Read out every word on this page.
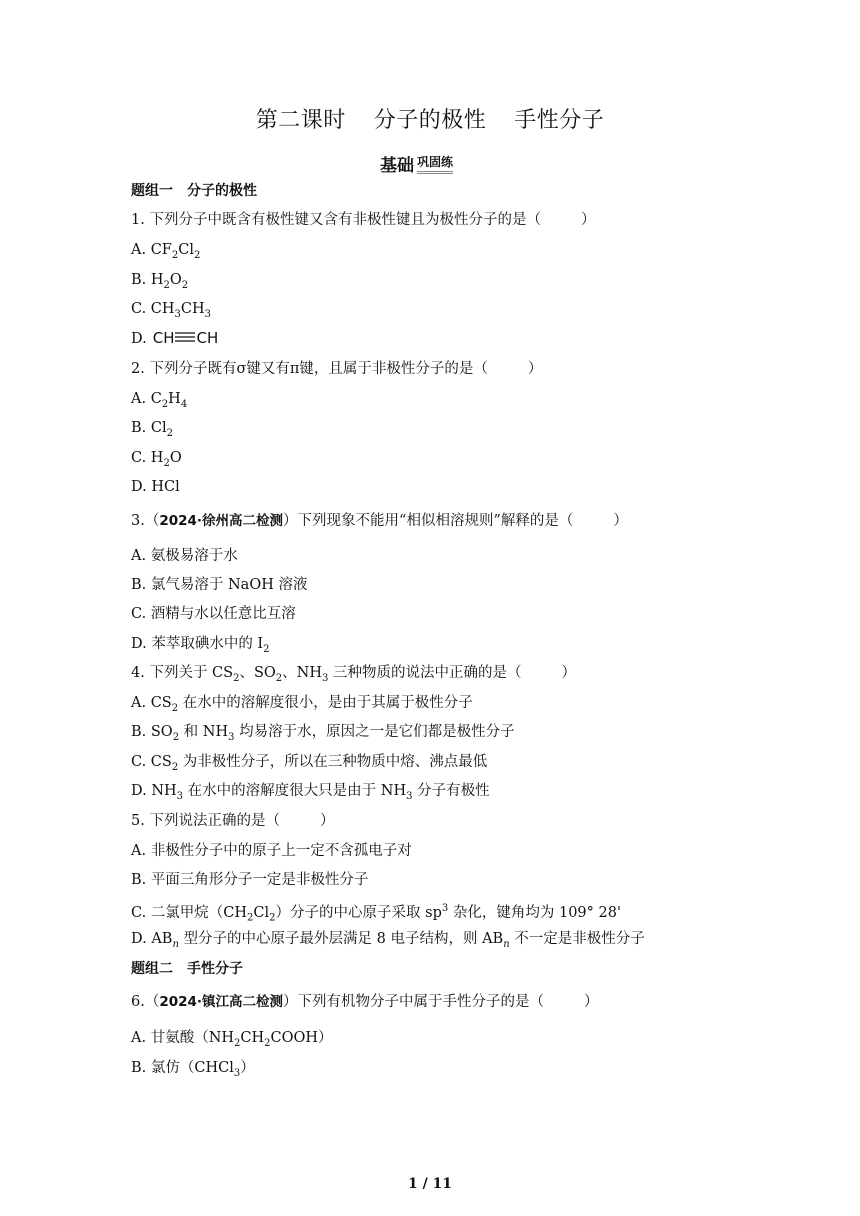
第二课时 分子的极性 手性分子
基础 巩固练
题组一　分子的极性
1. 下列分子中既含有极性键又含有非极性键且为极性分子的是（	）
A. $CF_2Cl_2$
B. $H_2O_2$
C. $CH_3CH_3$
D. CH CH
2. 下列分子既有σ键又有π键，且属于非极性分子的是（	）
A. $C_2H_4$
B. $Cl_2$
C. $H_2O$
D. HCl
3.（2024·徐州高二检测）下列现象不能用“相似相溶规则”解释的是（	）
A. 氨极易溶于水
B. 氯气易溶于 NaOH 溶液
C. 酒精与水以任意比互溶
D. 苯萃取碘水中的 $I_2$
4. 下列关于 $CS_2$、$SO_2$、$NH_3$ 三种物质的说法中正确的是（	）
A. $CS_2$ 在水中的溶解度很小，是由于其属于极性分子
B. $SO_2$ 和 $NH_3$ 均易溶于水，原因之一是它们都是极性分子
C. $CS_2$ 为非极性分子，所以在三种物质中熔、沸点最低
D. $NH_3$ 在水中的溶解度很大只是由于 $NH_3$ 分子有极性
5. 下列说法正确的是（	）
A. 非极性分子中的原子上一定不含孤电子对
B. 平面三角形分子一定是非极性分子
C. 二氯甲烷$(CH_2Cl_2)$分子的中心原子采取 $sp^3$ 杂化，键角均为 109° 28'
D. $AB_n$ 型分子的中心原子最外层满足 8 电子结构，则 $AB_n$ 不一定是非极性分子
题组二　手性分子
6.（2024·镇江高二检测）下列有机物分子中属于手性分子的是（	）
A. 甘氨酸$(NH_2CH_2COOH)$
B. 氯仿（CHCl$_3$）
1 / 11
